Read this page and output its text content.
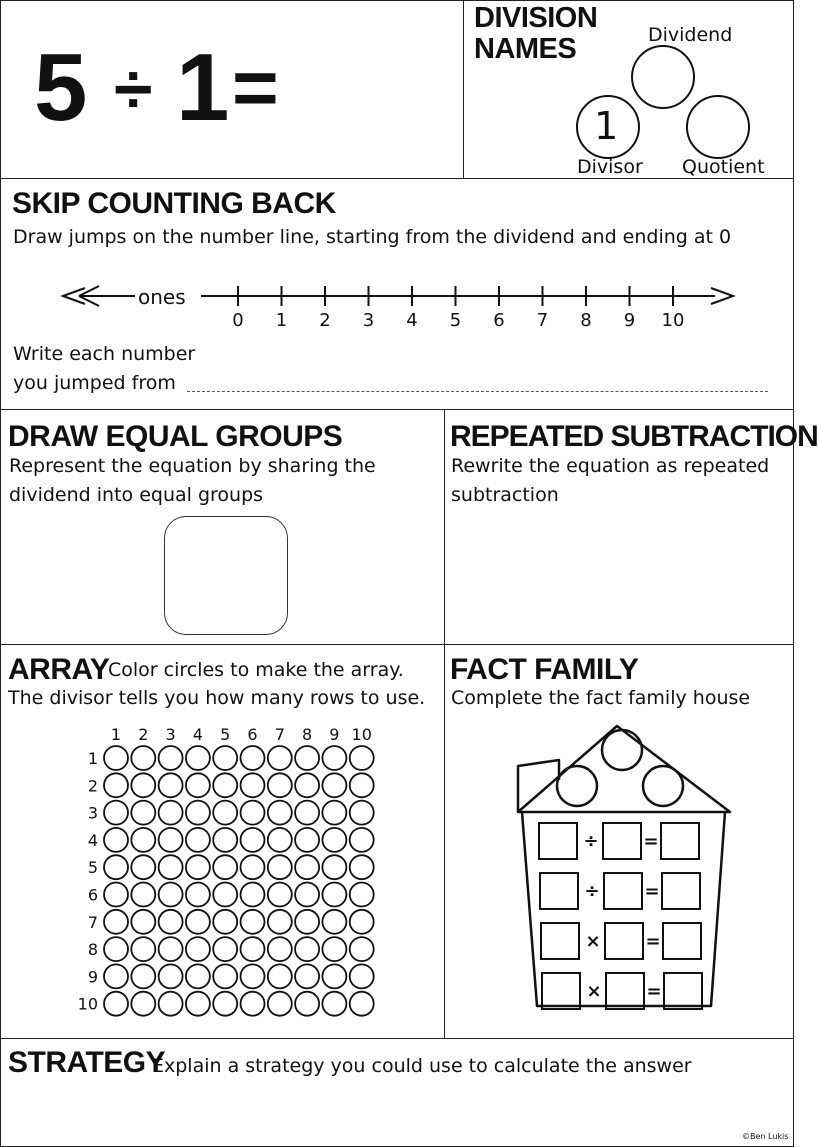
5 ÷ 1 =
DIVISION
NAMES	Dividend
1
Divisor Quotient
SKIP COUNTING BACK
Draw jumps on the number line, starting from the dividend and ending at 0
0 1 2 3 4 5 6 7 8 9 10
ones
Write each number
you jumped from
DRAW EQUAL GROUPS
Represent the equation by sharing the
dividend into equal groups
REPEATED SUBTRACTION
Rewrite the equation as repeated
subtraction
ARRAY
Color circles to make the array.
The divisor tells you how many rows to use.
1 2 3 4 5 6 7 8 9 10
1
2
3
4
5
6
7
8
9
10
FACT FAMILY
Complete the fact family house
÷ =
÷ =
× =
× =
STRATEGY
Explain a strategy you could use to calculate the answer
©Ben Lukis
